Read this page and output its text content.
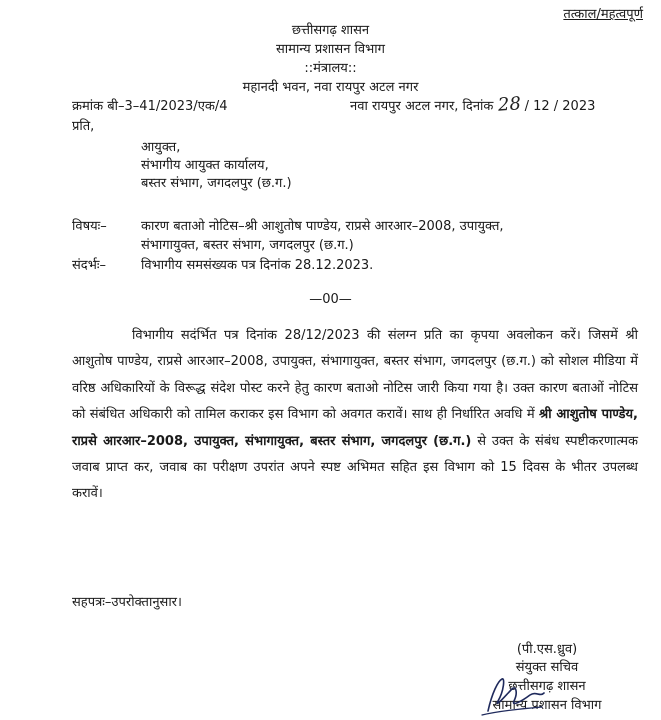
तत्काल/महत्वपूर्ण
छत्तीसगढ़ शासन
सामान्य प्रशासन विभाग
::मंत्रालय::
महानदी भवन, नवा रायपुर अटल नगर
क्रमांक बी–3–41/2023/एक/4	नवा रायपुर अटल नगर, दिनांक 28 / 12 / 2023
प्रति,
आयुक्त,
संभागीय आयुक्त कार्यालय,
बस्तर संभाग, जगदलपुर (छ.ग.)
विषयः–	कारण बताओ नोटिस–श्री आशुतोष पाण्डेय, राप्रसे आरआर–2008, उपायुक्त,
संभागायुक्त, बस्तर संभाग, जगदलपुर (छ.ग.)
संदर्भः–	विभागीय समसंख्यक पत्र दिनांक 28.12.2023.
—00—
विभागीय सदंर्भित पत्र दिनांक 28/12/2023 की संलग्न प्रति का कृपया अवलोकन करें। जिसमें श्री आशुतोष पाण्डेय, राप्रसे आरआर–2008, उपायुक्त, संभागायुक्त, बस्तर संभाग, जगदलपुर (छ.ग.) को सोशल मीडिया में वरिष्ठ अधिकारियों के विरूद्ध संदेश पोस्ट करने हेतु कारण बताओ नोटिस जारी किया गया है। उक्त कारण बताओं नोटिस को संबंधित अधिकारी को तामिल कराकर इस विभाग को अवगत करावें। साथ ही निर्धारित अवधि में श्री आशुतोष पाण्डेय, राप्रसे आरआर–2008, उपायुक्त, संभागायुक्त, बस्तर संभाग, जगदलपुर (छ.ग.) से उक्त के संबंध स्पष्टीकरणात्मक जवाब प्राप्त कर, जवाब का परीक्षण उपरांत अपने स्पष्ट अभिमत सहित इस विभाग को 15 दिवस के भीतर उपलब्ध करावें।
सहपत्रः–उपरोक्तानुसार।
(पी.एस.ध्रुव)
संयुक्त सचिव
छत्तीसगढ़ शासन
सामान्य प्रशासन विभाग
